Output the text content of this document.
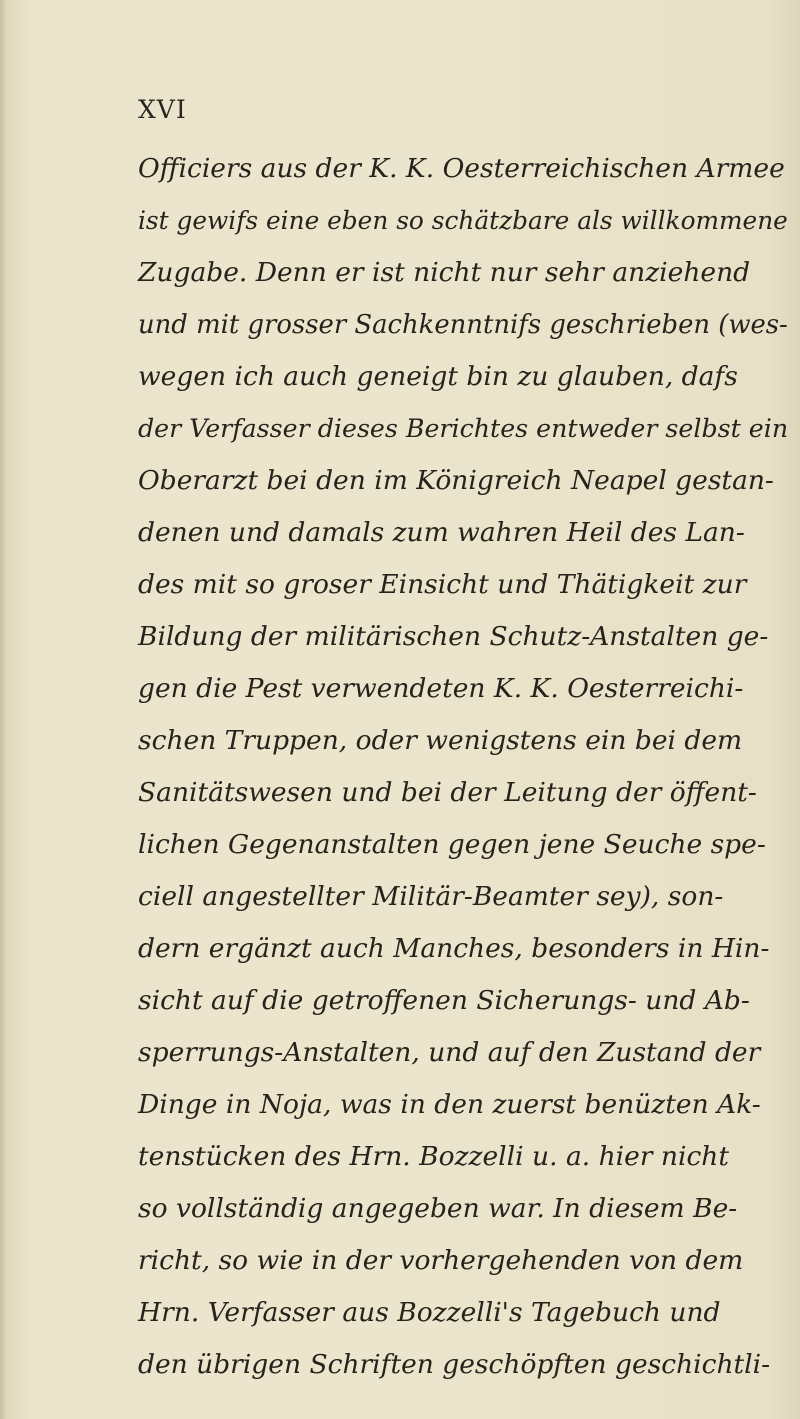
XVI
Officiers aus der K. K. Oesterreichischen Armee
ist gewifs eine eben so schätzbare als willkommene
Zugabe. Denn er ist nicht nur sehr anziehend
und mit grosser Sachkenntnifs geschrieben (wes-
wegen ich auch geneigt bin zu glauben, dafs
der Verfasser dieses Berichtes entweder selbst ein
Oberarzt bei den im Königreich Neapel gestan-
denen und damals zum wahren Heil des Lan-
des mit so groser Einsicht und Thätigkeit zur
Bildung der militärischen Schutz-Anstalten ge-
gen die Pest verwendeten K. K. Oesterreichi-
schen Truppen, oder wenigstens ein bei dem
Sanitätswesen und bei der Leitung der öffent-
lichen Gegenanstalten gegen jene Seuche spe-
ciell angestellter Militär-Beamter sey), son-
dern ergänzt auch Manches, besonders in Hin-
sicht auf die getroffenen Sicherungs- und Ab-
sperrungs-Anstalten, und auf den Zustand der
Dinge in Noja, was in den zuerst benüzten Ak-
tenstücken des Hrn. Bozzelli u. a. hier nicht
so vollständig angegeben war. In diesem Be-
richt, so wie in der vorhergehenden von dem
Hrn. Verfasser aus Bozzelli's Tagebuch und
den übrigen Schriften geschöpften geschichtli-
